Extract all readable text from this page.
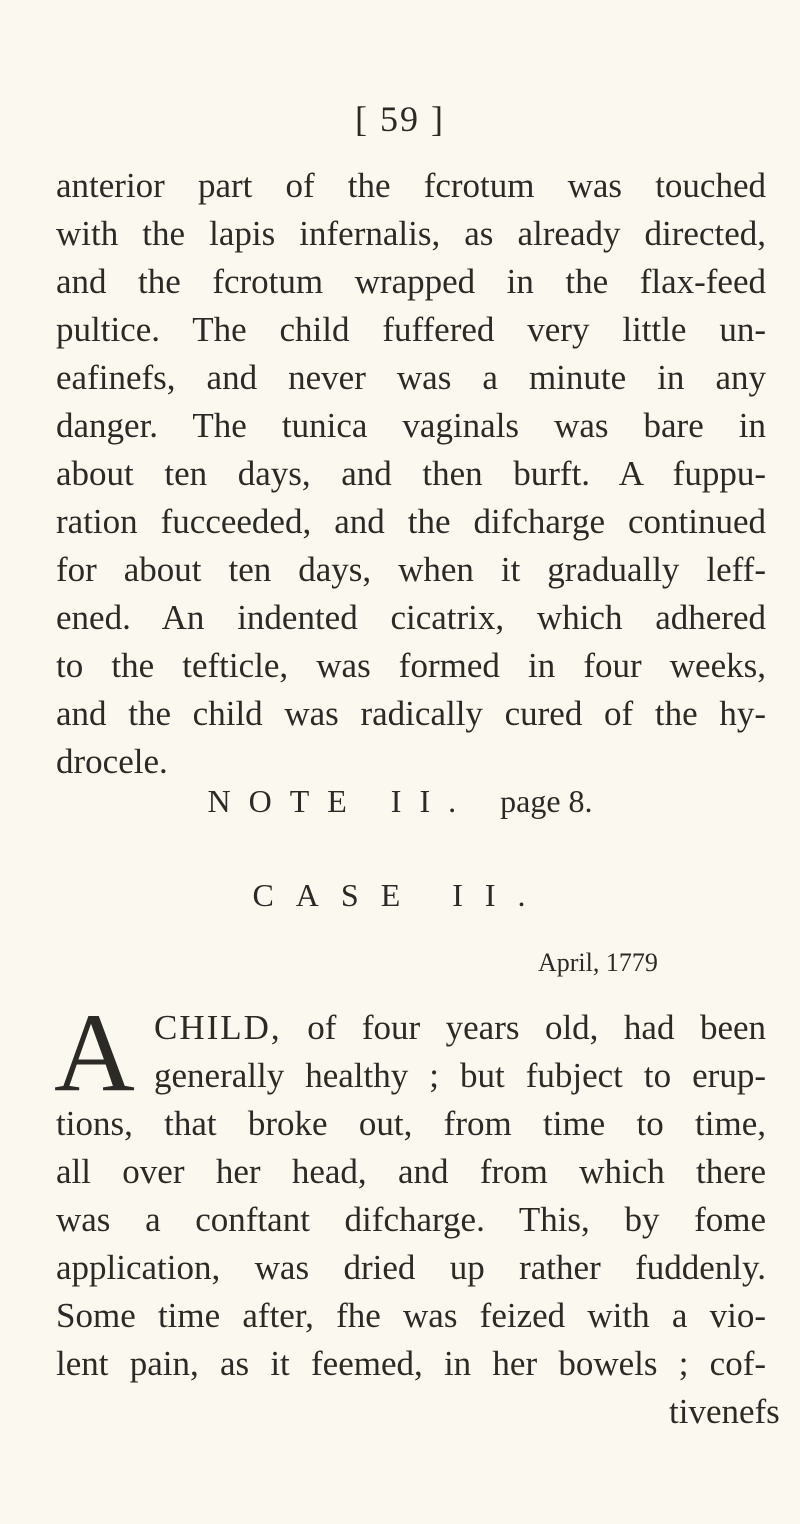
[ 59 ]
anterior part of the fcrotum was touched
with the lapis infernalis, as already directed,
and the fcrotum wrapped in the flax-feed
pultice. The child fuffered very little un-
eafinefs, and never was a minute in any
danger. The tunica vaginals was bare in
about ten days, and then burft. A fuppu-
ration fucceeded, and the difcharge continued
for about ten days, when it gradually leff-
ened. An indented cicatrix, which adhered
to the tefticle, was formed in four weeks,
and the child was radically cured of the hy-
drocele.
NOTE II. page 8.
CASE II.
April, 1779
A CHILD, of four years old, had been
generally healthy ; but fubject to erup-
tions, that broke out, from time to time,
all over her head, and from which there
was a conftant difcharge. This, by fome
application, was dried up rather fuddenly.
Some time after, fhe was feized with a vio-
lent pain, as it feemed, in her bowels ; cof-
tivenefs
